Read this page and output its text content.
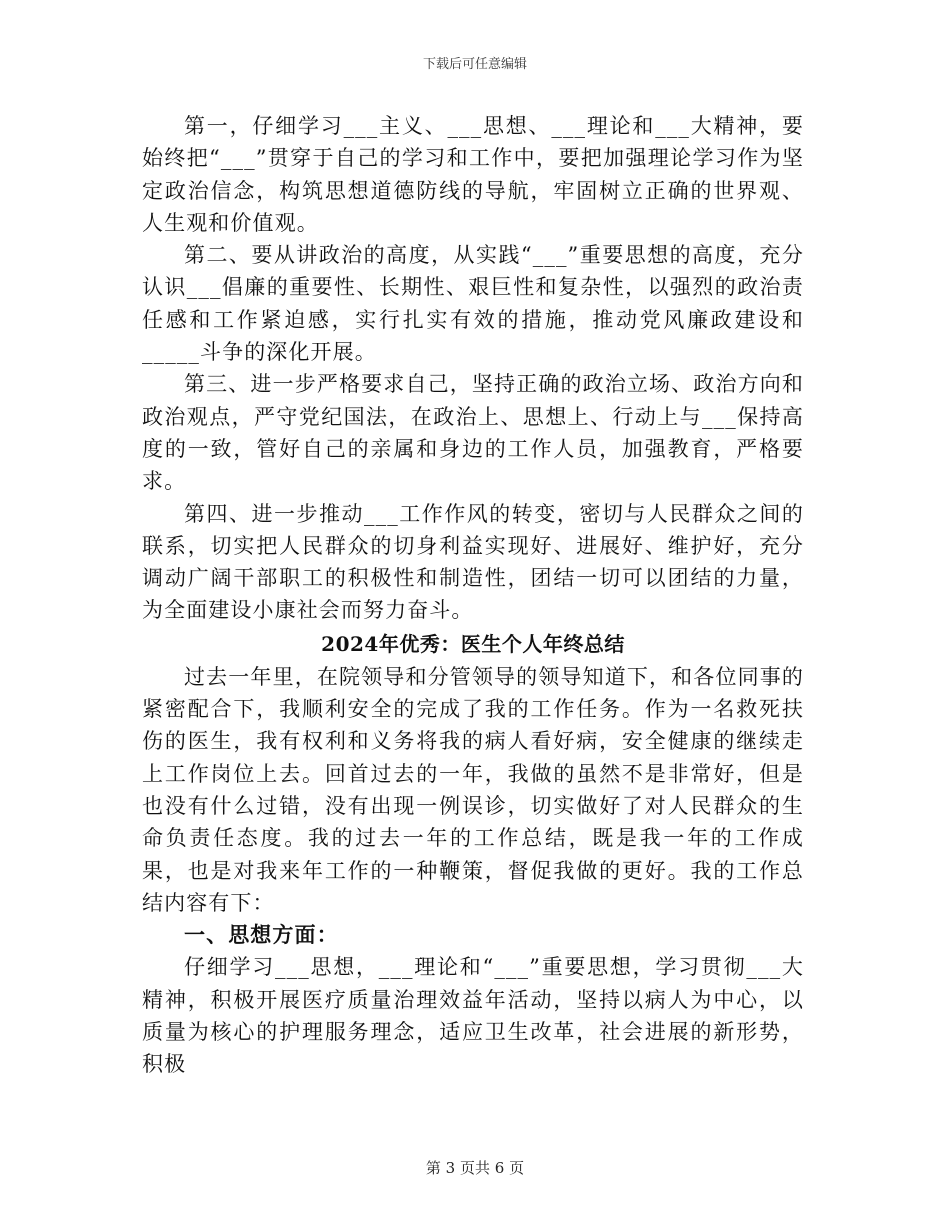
下载后可任意编辑

第一，仔细学习___主义、___思想、___理论和___大精神，要始终把“___”贯穿于自己的学习和工作中，要把加强理论学习作为坚定政治信念，构筑思想道德防线的导航，牢固树立正确的世界观、人生观和价值观。

第二、要从讲政治的高度，从实践“___”重要思想的高度，充分认识___倡廉的重要性、长期性、艰巨性和复杂性，以强烈的政治责任感和工作紧迫感，实行扎实有效的措施，推动党风廉政建设和_____斗争的深化开展。

第三、进一步严格要求自己，坚持正确的政治立场、政治方向和政治观点，严守党纪国法，在政治上、思想上、行动上与___保持高度的一致，管好自己的亲属和身边的工作人员，加强教育，严格要求。

第四、进一步推动___工作作风的转变，密切与人民群众之间的联系，切实把人民群众的切身利益实现好、进展好、维护好，充分调动广阔干部职工的积极性和制造性，团结一切可以团结的力量，为全面建设小康社会而努力奋斗。

2024年优秀：医生个人年终总结

过去一年里，在院领导和分管领导的领导知道下，和各位同事的紧密配合下，我顺利安全的完成了我的工作任务。作为一名救死扶伤的医生，我有权利和义务将我的病人看好病，安全健康的继续走上工作岗位上去。回首过去的一年，我做的虽然不是非常好，但是也没有什么过错，没有出现一例误诊，切实做好了对人民群众的生命负责任态度。我的过去一年的工作总结，既是我一年的工作成果，也是对我来年工作的一种鞭策，督促我做的更好。我的工作总结内容有下：

一、思想方面：

仔细学习___思想，___理论和“___”重要思想，学习贯彻___大精神，积极开展医疗质量治理效益年活动，坚持以病人为中心，以质量为核心的护理服务理念，适应卫生改革，社会进展的新形势，积极

第 3 页共 6 页
